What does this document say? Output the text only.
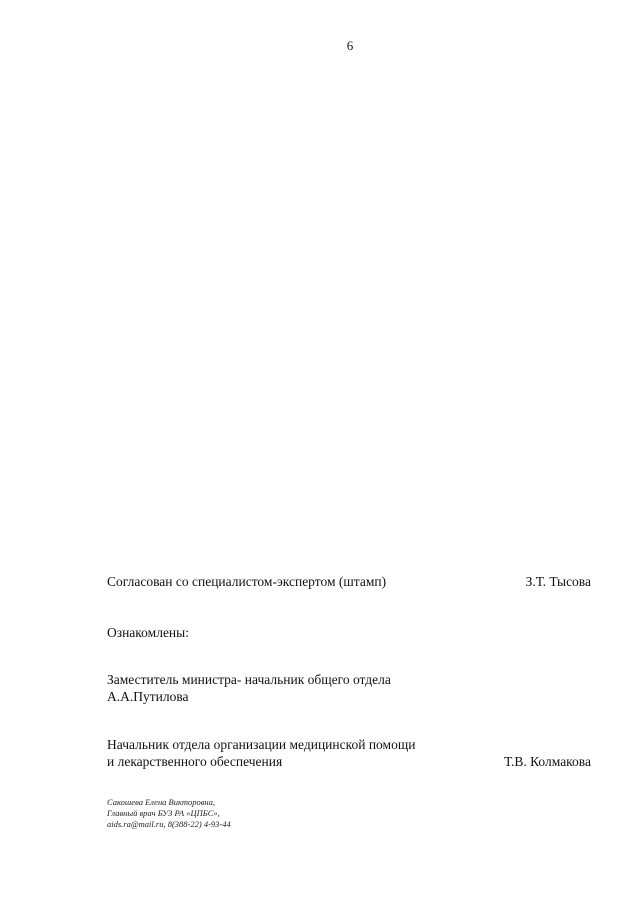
6
Согласован со специалистом-экспертом (штамп)	З.Т. Тысова
Ознакомлены:
Заместитель министра- начальник общего отдела
А.А.Путилова
Начальник отдела организации медицинской помощи
и лекарственного обеспечения	Т.В. Колмакова
Сакошева Елена Викторовна,
Главный врач БУЗ РА «ЦПБС»,
aids.ra@mail.ru, 8(388-22) 4-93-44
